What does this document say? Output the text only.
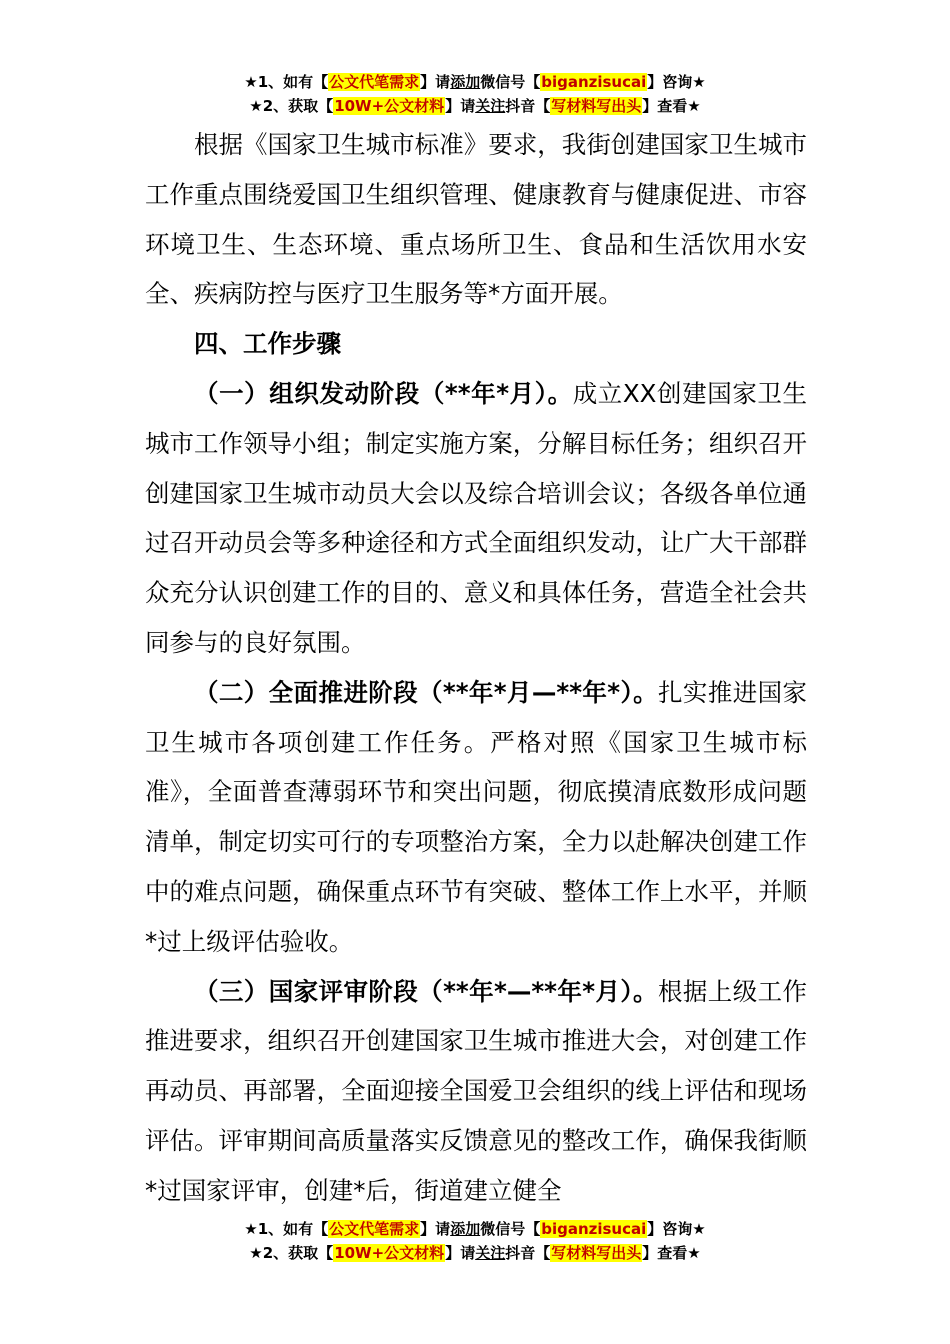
★1、如有【公文代笔需求】请添加微信号【biganzisucai】咨询★
★2、获取【10W+公文材料】请关注抖音【写材料写出头】查看★

根据《国家卫生城市标准》要求，我街创建国家卫生城市工作重点围绕爱国卫生组织管理、健康教育与健康促进、市容环境卫生、生态环境、重点场所卫生、食品和生活饮用水安全、疾病防控与医疗卫生服务等*方面开展。

四、工作步骤

（一）组织发动阶段（**年*月）。成立XX创建国家卫生城市工作领导小组；制定实施方案，分解目标任务；组织召开创建国家卫生城市动员大会以及综合培训会议；各级各单位通过召开动员会等多种途径和方式全面组织发动，让广大干部群众充分认识创建工作的目的、意义和具体任务，营造全社会共同参与的良好氛围。

（二）全面推进阶段（**年*月—**年*）。扎实推进国家卫生城市各项创建工作任务。严格对照《国家卫生城市标准》，全面普查薄弱环节和突出问题，彻底摸清底数形成问题清单，制定切实可行的专项整治方案，全力以赴解决创建工作中的难点问题，确保重点环节有突破、整体工作上水平，并顺*过上级评估验收。

（三）国家评审阶段（**年*—**年*月）。根据上级工作推进要求，组织召开创建国家卫生城市推进大会，对创建工作再动员、再部署，全面迎接全国爱卫会组织的线上评估和现场评估。评审期间高质量落实反馈意见的整改工作，确保我街顺*过国家评审，创建*后，街道建立健全

★1、如有【公文代笔需求】请添加微信号【biganzisucai】咨询★
★2、获取【10W+公文材料】请关注抖音【写材料写出头】查看★
